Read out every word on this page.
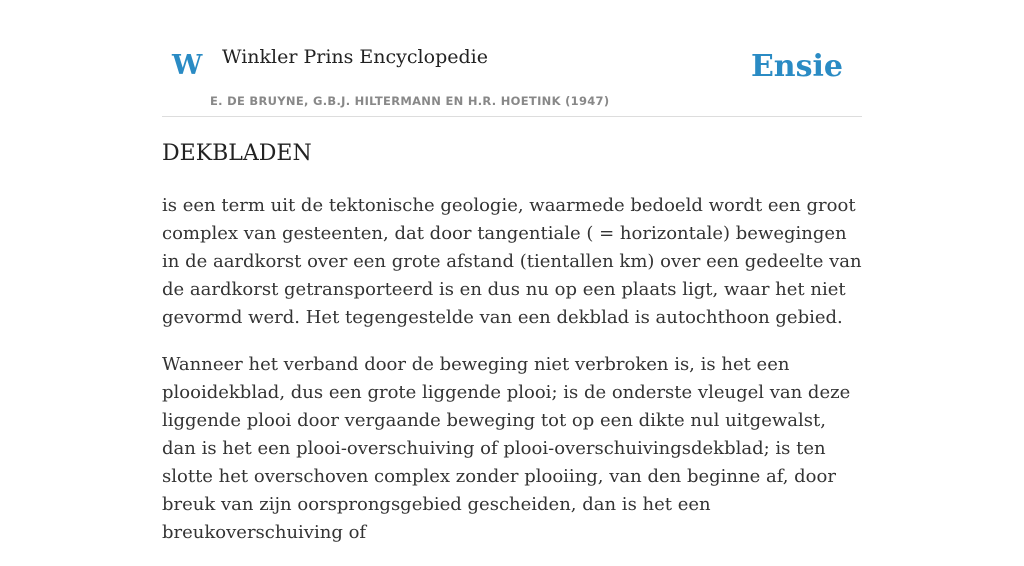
W Winkler Prins Encyclopedie
E. DE BRUYNE, G.B.J. HILTERMANN EN H.R. HOETINK (1947)
Ensie
DEKBLADEN

is een term uit de tektonische geologie, waarmede bedoeld wordt een groot complex van gesteenten, dat door tangentiale ( = horizontale) bewegingen in de aardkorst over een grote afstand (tientallen km) over een gedeelte van de aardkorst getransporteerd is en dus nu op een plaats ligt, waar het niet gevormd werd. Het tegengestelde van een dekblad is autochthoon gebied.

Wanneer het verband door de beweging niet verbroken is, is het een plooidekblad, dus een grote liggende plooi; is de onderste vleugel van deze liggende plooi door vergaande beweging tot op een dikte nul uitgewalst, dan is het een plooi-overschuiving of plooi-overschuivingsdekblad; is ten slotte het overschoven complex zonder plooiing, van den beginne af, door breuk van zijn oorsprongsgebied gescheiden, dan is het een breukoverschuiving of
